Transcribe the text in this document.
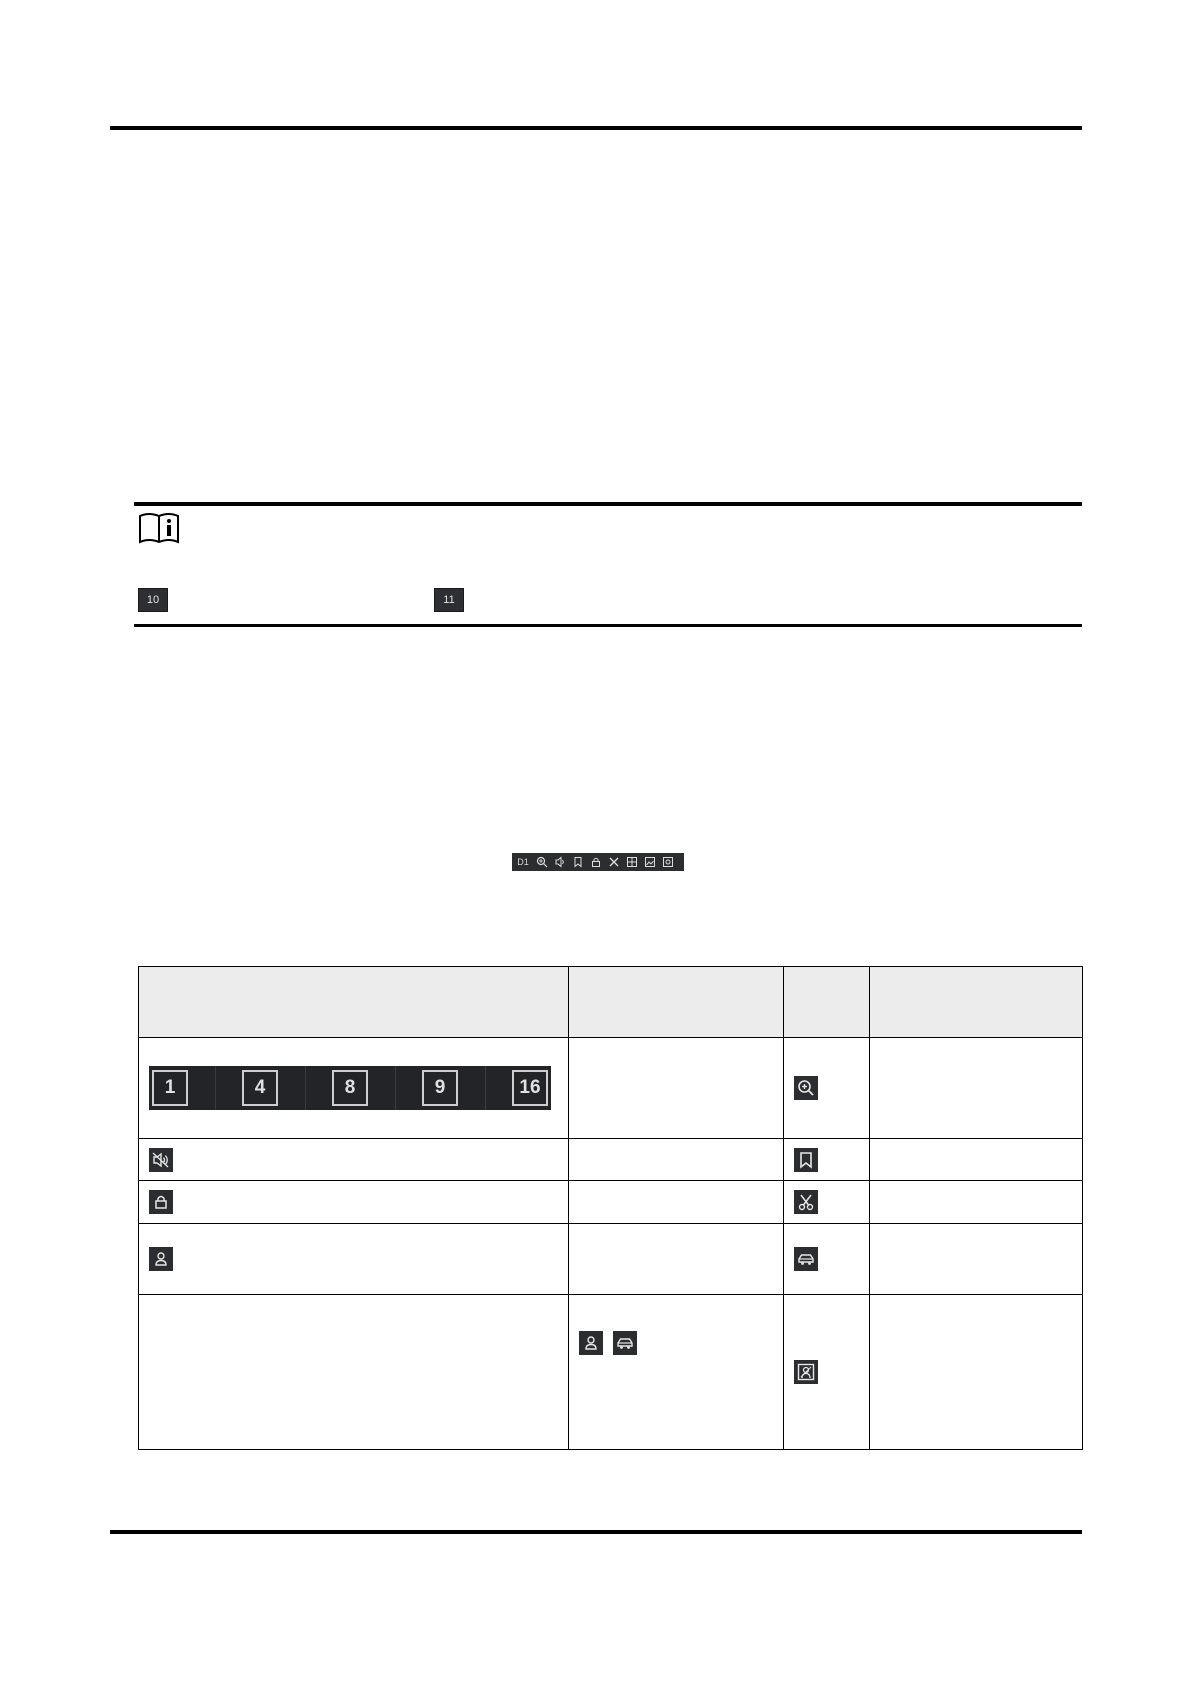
10	11
D1

1 4 8 9 16
